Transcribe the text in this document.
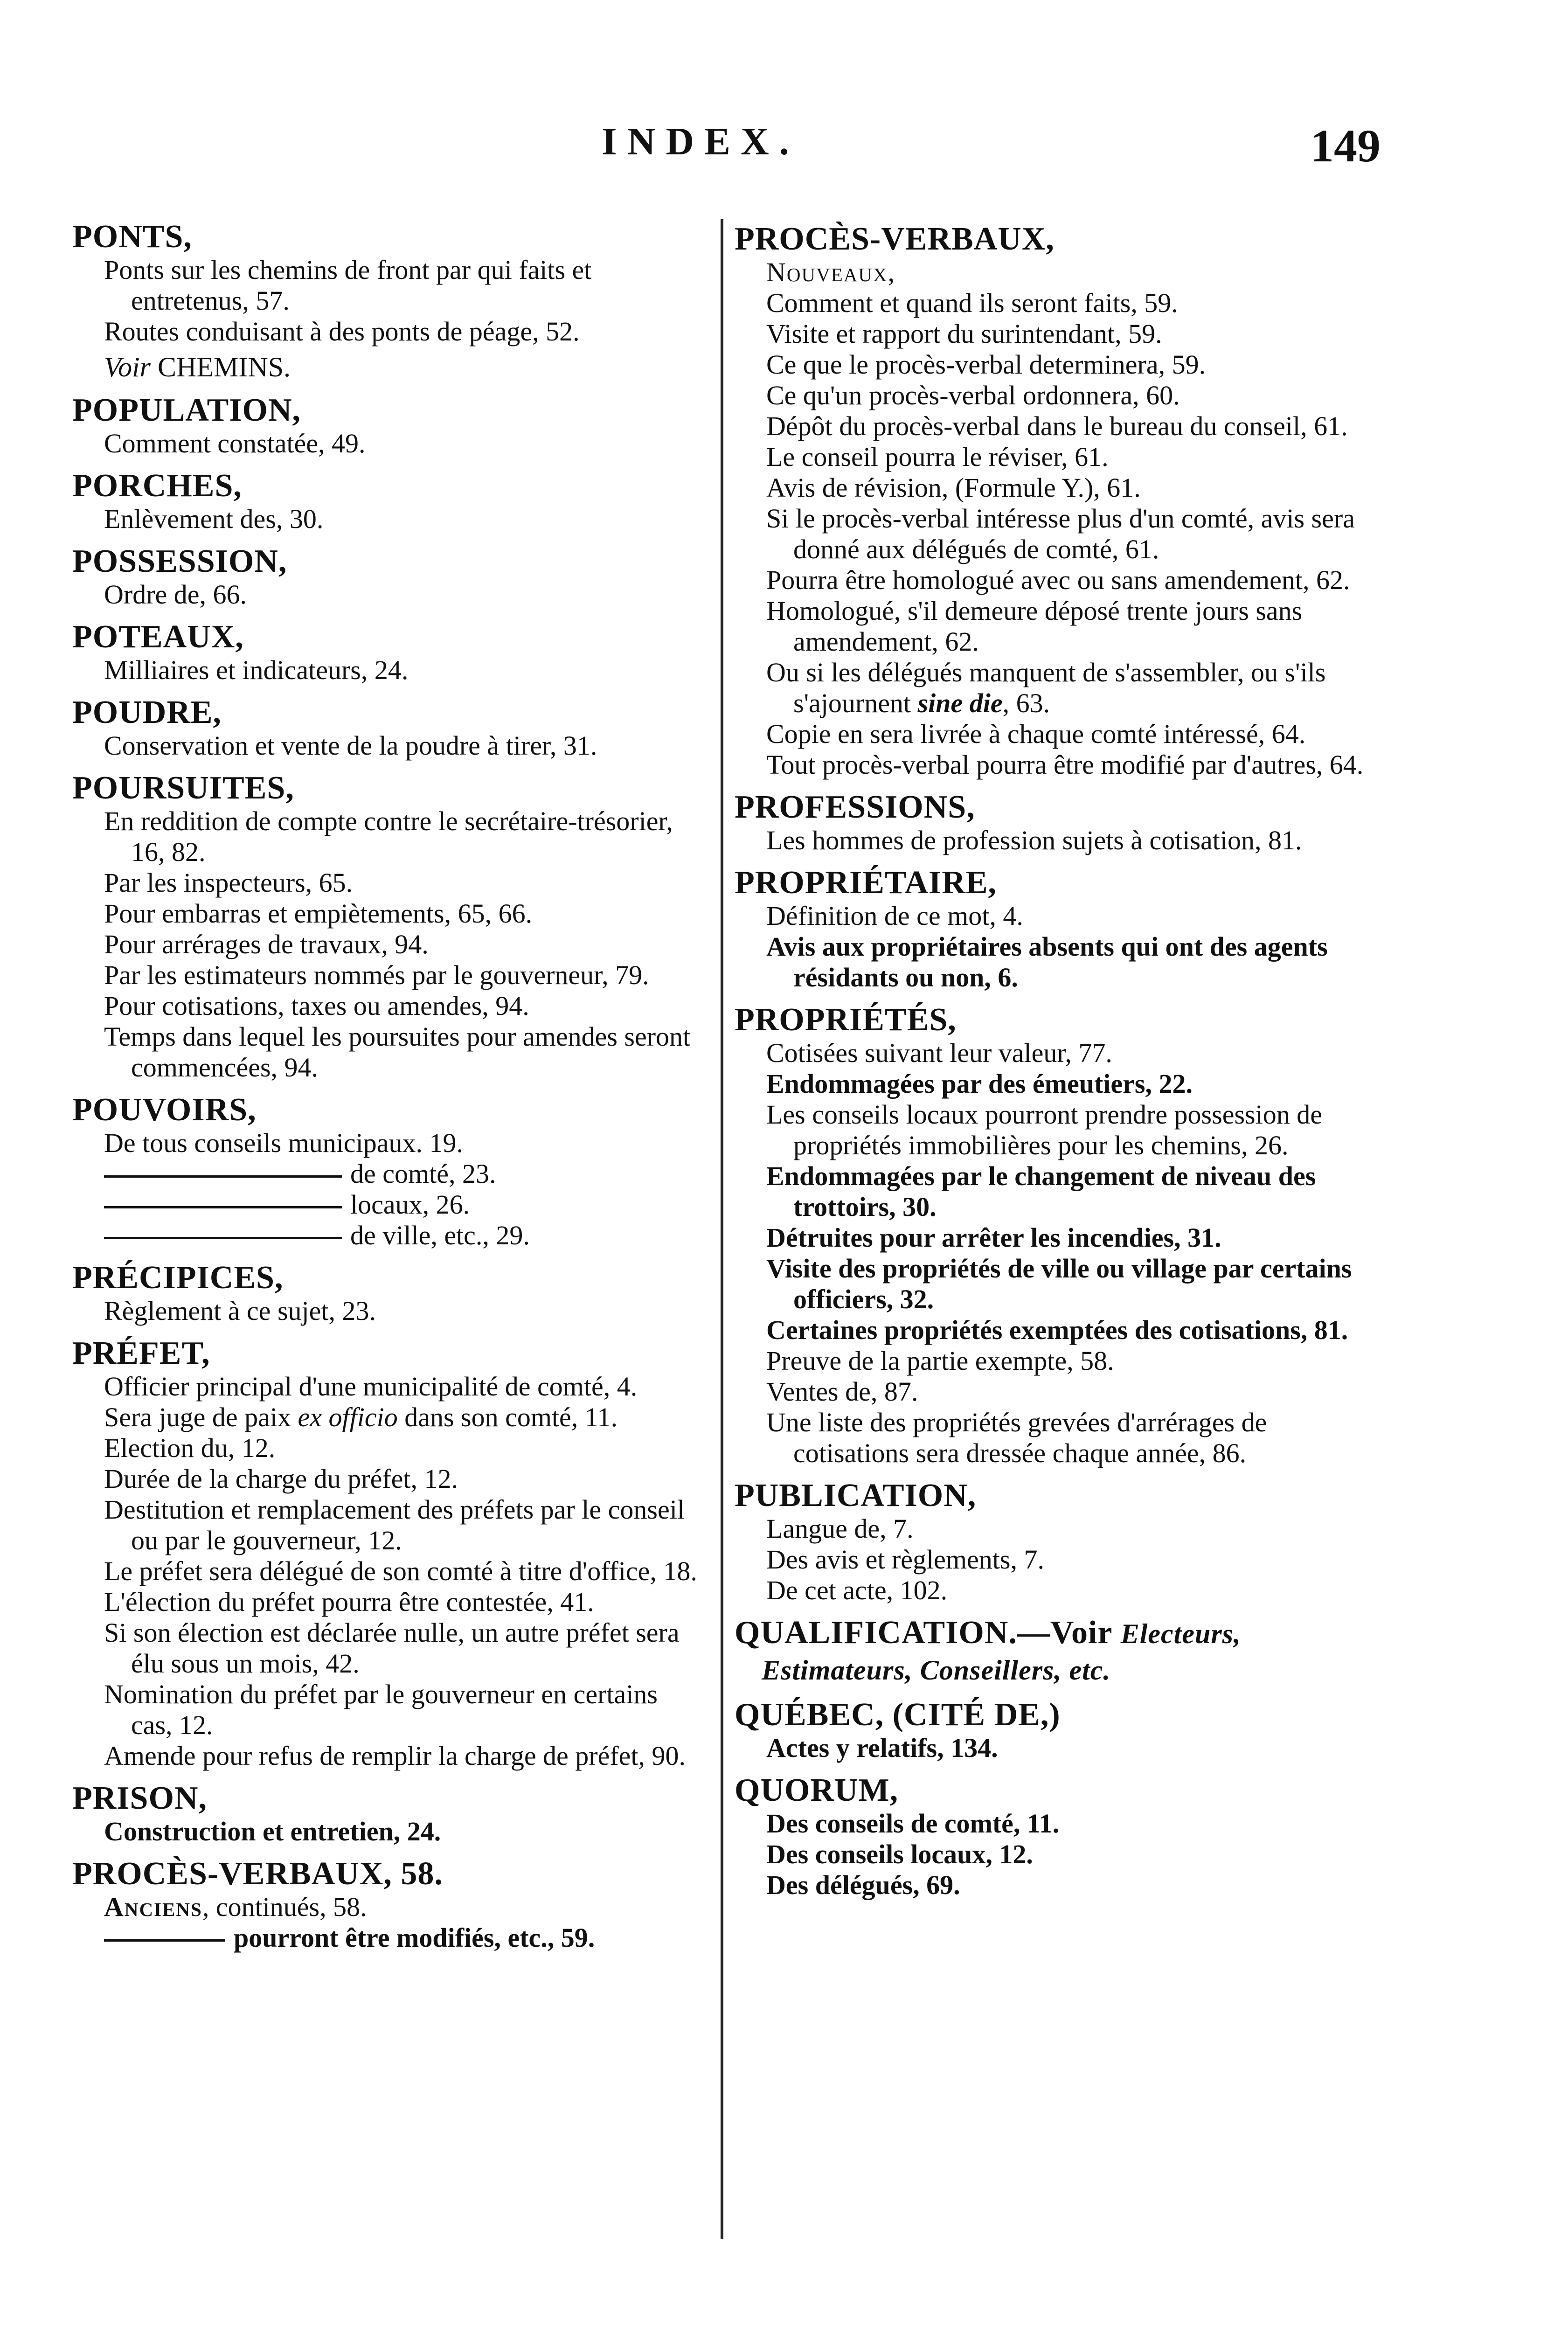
INDEX.	149
PONTS,
Ponts sur les chemins de front par qui faits et entretenus, 57.
Routes conduisant à des ponts de péage, 52.
Voir CHEMINS.
POPULATION,
Comment constatée, 49.
PORCHES,
Enlèvement des, 30.
POSSESSION,
Ordre de, 66.
POTEAUX,
Milliaires et indicateurs, 24.
POUDRE,
Conservation et vente de la poudre à tirer, 31.
POURSUITES,
En reddition de compte contre le secrétaire-trésorier, 16, 82.
Par les inspecteurs, 65.
Pour embarras et empiètements, 65, 66.
Pour arrérages de travaux, 94.
Par les estimateurs nommés par le gouverneur, 79.
Pour cotisations, taxes ou amendes, 94.
Temps dans lequel les poursuites pour amendes seront commencées, 94.
POUVOIRS,
De tous conseils municipaux. 19.
de comté, 23.
locaux, 26.
de ville, etc., 29.
PRÉCIPICES,
Règlement à ce sujet, 23.
PRÉFET,
Officier principal d'une municipalité de comté, 4.
Sera juge de paix ex officio dans son comté, 11.
Election du, 12.
Durée de la charge du préfet, 12.
Destitution et remplacement des préfets par le conseil ou par le gouverneur, 12.
Le préfet sera délégué de son comté à titre d'office, 18.
L'élection du préfet pourra être contestée, 41.
Si son élection est déclarée nulle, un autre préfet sera élu sous un mois, 42.
Nomination du préfet par le gouverneur en certains cas, 12.
Amende pour refus de remplir la charge de préfet, 90.
PRISON,
Construction et entretien, 24.
PROCÈS-VERBAUX, 58.
Anciens, continués, 58.
pourront être modifiés, etc., 59.
PROCÈS-VERBAUX,
Nouveaux,
Comment et quand ils seront faits, 59.
Visite et rapport du surintendant, 59.
Ce que le procès-verbal determinera, 59.
Ce qu'un procès-verbal ordonnera, 60.
Dépôt du procès-verbal dans le bureau du conseil, 61.
Le conseil pourra le réviser, 61.
Avis de révision, (Formule Y.), 61.
Si le procès-verbal intéresse plus d'un comté, avis sera donné aux délégués de comté, 61.
Pourra être homologué avec ou sans amendement, 62.
Homologué, s'il demeure déposé trente jours sans amendement, 62.
Ou si les délégués manquent de s'assembler, ou s'ils s'ajournent sine die, 63.
Copie en sera livrée à chaque comté intéressé, 64.
Tout procès-verbal pourra être modifié par d'autres, 64.
PROFESSIONS,
Les hommes de profession sujets à cotisation, 81.
PROPRIÉTAIRE,
Définition de ce mot, 4.
Avis aux propriétaires absents qui ont des agents résidants ou non, 6.
PROPRIÉTÉS,
Cotisées suivant leur valeur, 77.
Endommagées par des émeutiers, 22.
Les conseils locaux pourront prendre possession de propriétés immobilières pour les chemins, 26.
Endommagées par le changement de niveau des trottoirs, 30.
Détruites pour arrêter les incendies, 31.
Visite des propriétés de ville ou village par certains officiers, 32.
Certaines propriétés exemptées des cotisations, 81.
Preuve de la partie exempte, 58.
Ventes de, 87.
Une liste des propriétés grevées d'arrérages de cotisations sera dressée chaque année, 86.
PUBLICATION,
Langue de, 7.
Des avis et règlements, 7.
De cet acte, 102.
QUALIFICATION.—Voir Electeurs, Estimateurs, Conseillers, etc.
QUÉBEC, (CITÉ DE,)
Actes y relatifs, 134.
QUORUM,
Des conseils de comté, 11.
Des conseils locaux, 12.
Des délégués, 69.
